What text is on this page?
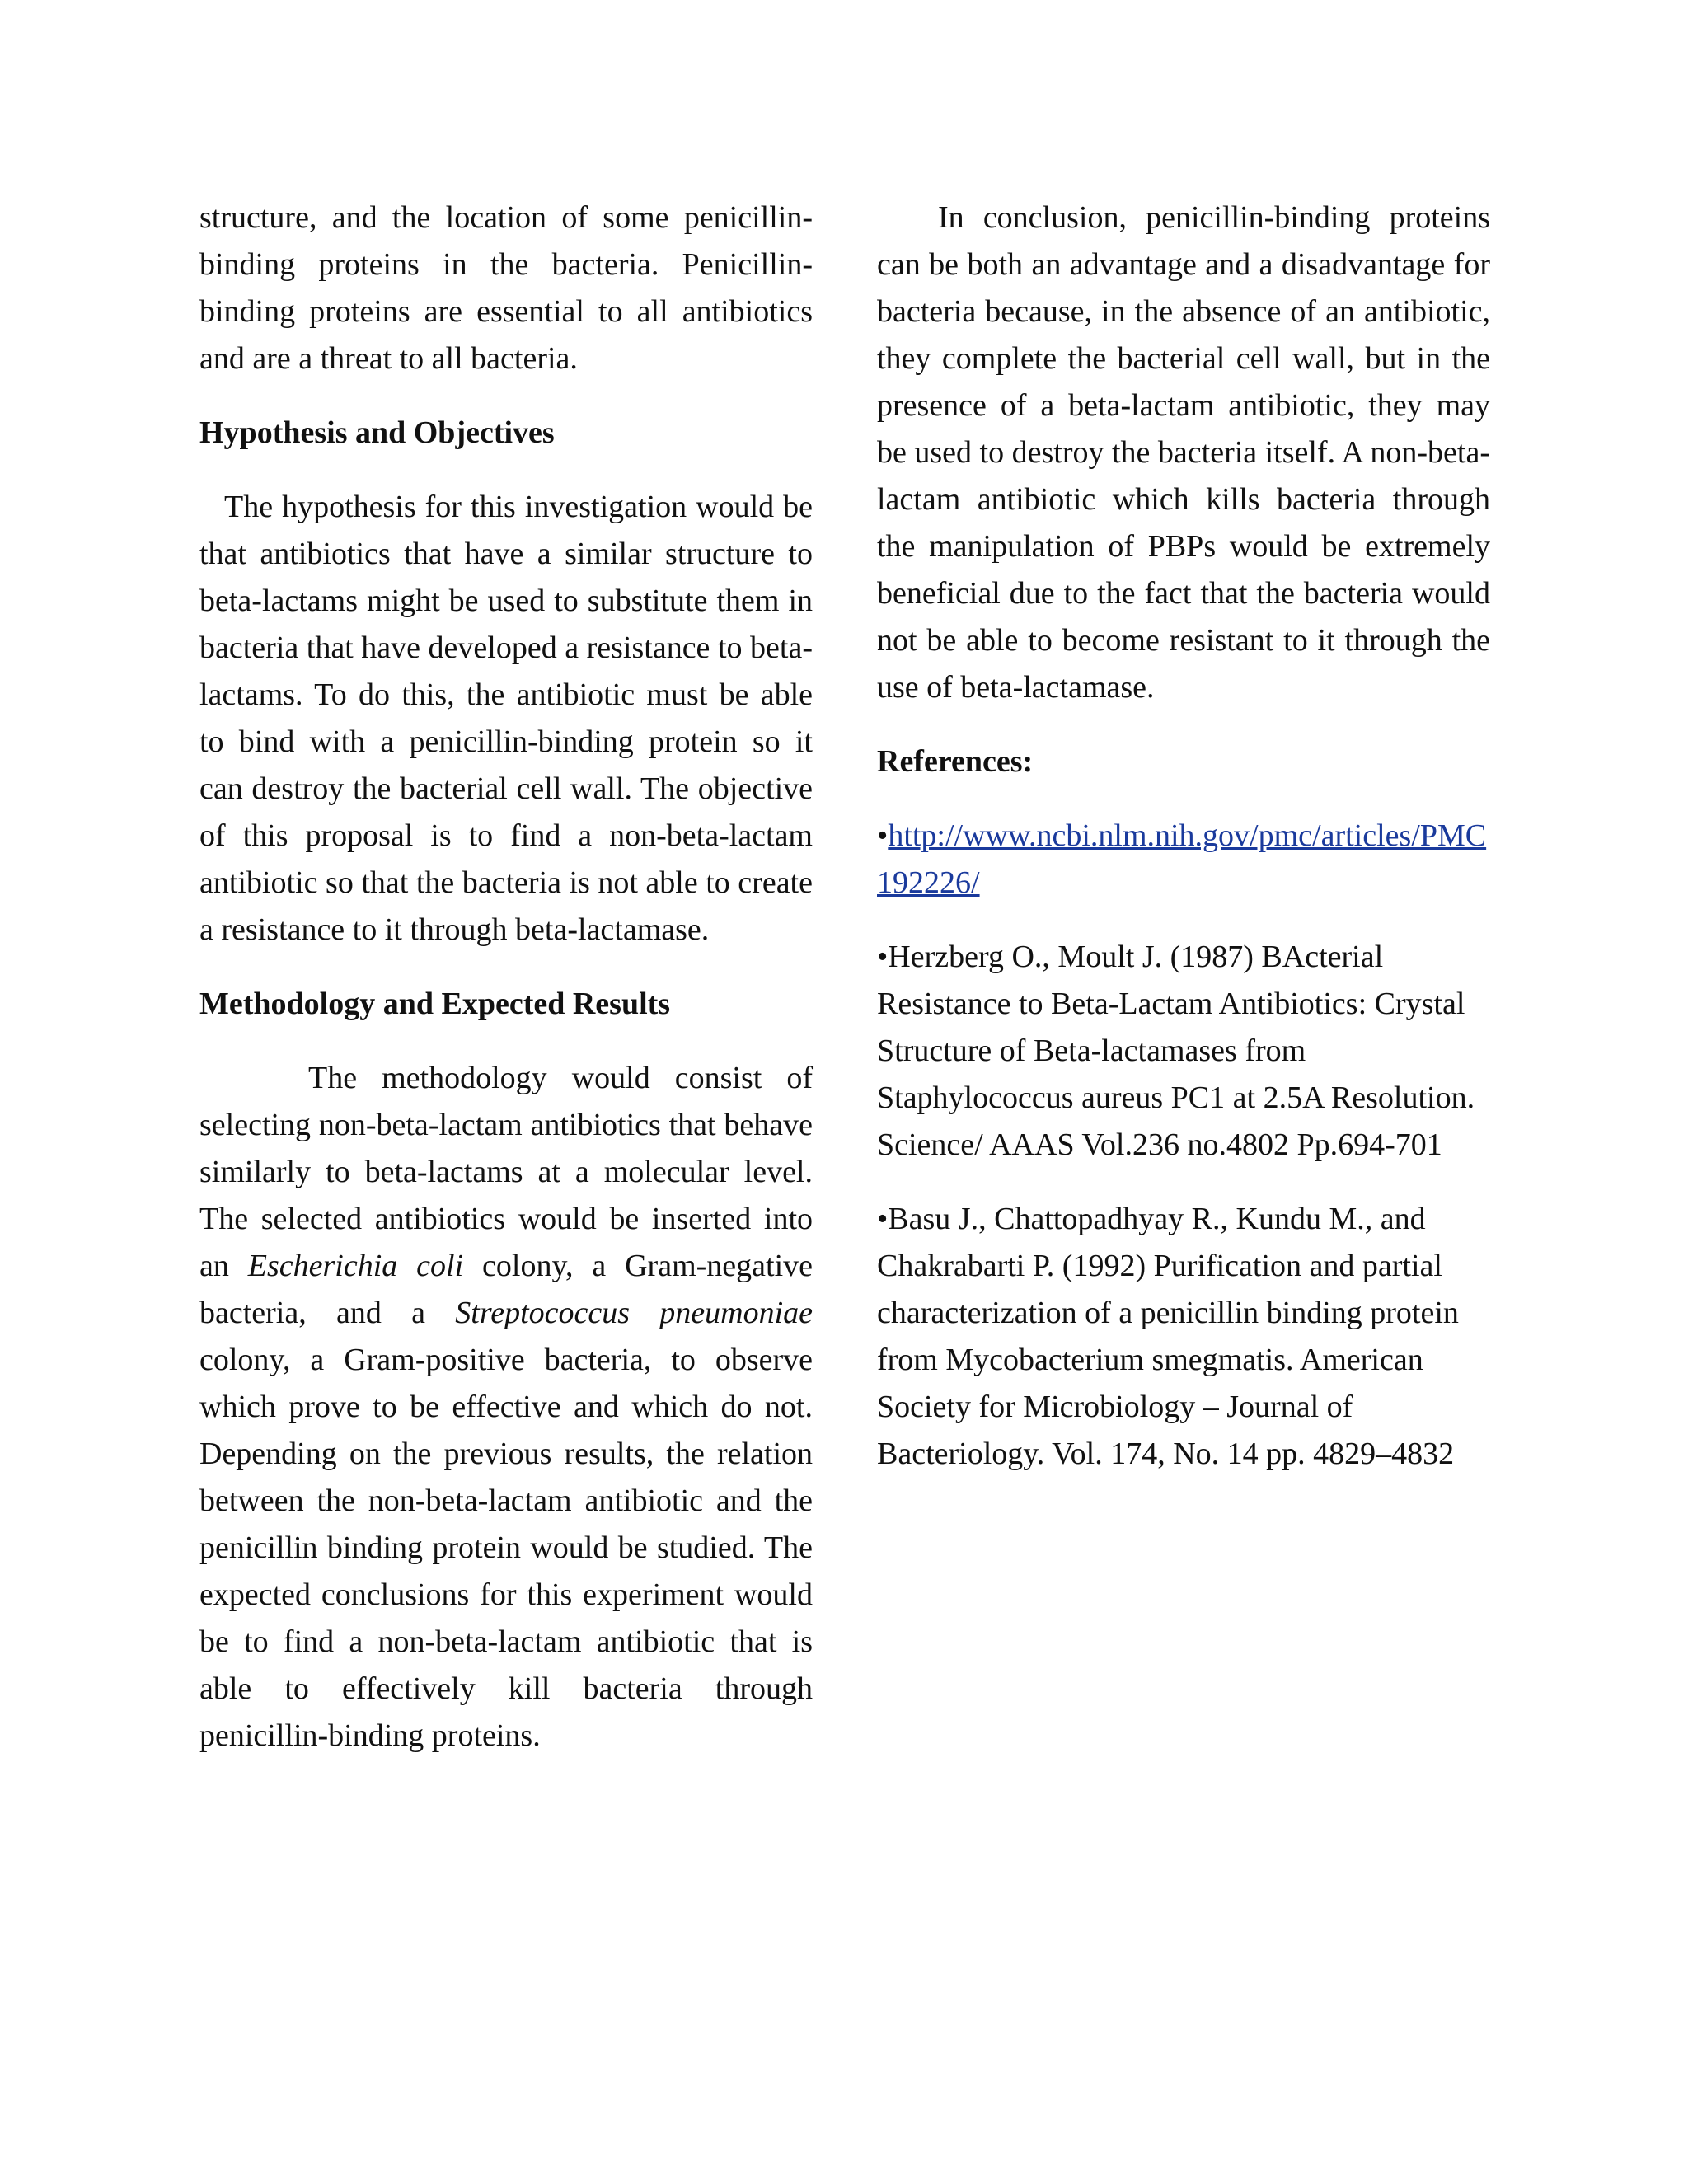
structure, and the location of some penicillin-binding proteins in the bacteria. Penicillin-binding proteins are essential to all antibiotics and are a threat to all bacteria.

Hypothesis and Objectives

The hypothesis for this investigation would be that antibiotics that have a similar structure to beta-lactams might be used to substitute them in bacteria that have developed a resistance to beta-lactams. To do this, the antibiotic must be able to bind with a penicillin-binding protein so it can destroy the bacterial cell wall. The objective of this proposal is to find a non-beta-lactam antibiotic so that the bacteria is not able to create a resistance to it through beta-lactamase.

Methodology and Expected Results

The methodology would consist of selecting non-beta-lactam antibiotics that behave similarly to beta-lactams at a molecular level. The selected antibiotics would be inserted into an Escherichia coli colony, a Gram-negative bacteria, and a Streptococcus pneumoniae colony, a Gram-positive bacteria, to observe which prove to be effective and which do not. Depending on the previous results, the relation between the non-beta-lactam antibiotic and the penicillin binding protein would be studied. The expected conclusions for this experiment would be to find a non-beta-lactam antibiotic that is able to effectively kill bacteria through penicillin-binding proteins.

In conclusion, penicillin-binding proteins can be both an advantage and a disadvantage for bacteria because, in the absence of an antibiotic, they complete the bacterial cell wall, but in the presence of a beta-lactam antibiotic, they may be used to destroy the bacteria itself. A non-beta-lactam antibiotic which kills bacteria through the manipulation of PBPs would be extremely beneficial due to the fact that the bacteria would not be able to become resistant to it through the use of beta-lactamase.

References:

•http://www.ncbi.nlm.nih.gov/pmc/articles/PMC192226/

•Herzberg O., Moult J. (1987) BActerial Resistance to Beta-Lactam Antibiotics: Crystal Structure of Beta-lactamases from Staphylococcus aureus PC1 at 2.5A Resolution. Science/ AAAS Vol.236 no.4802 Pp.694-701

•Basu J., Chattopadhyay R., Kundu M., and Chakrabarti P. (1992) Purification and partial characterization of a penicillin binding protein from Mycobacterium smegmatis. American Society for Microbiology – Journal of Bacteriology. Vol. 174, No. 14 pp. 4829–4832
